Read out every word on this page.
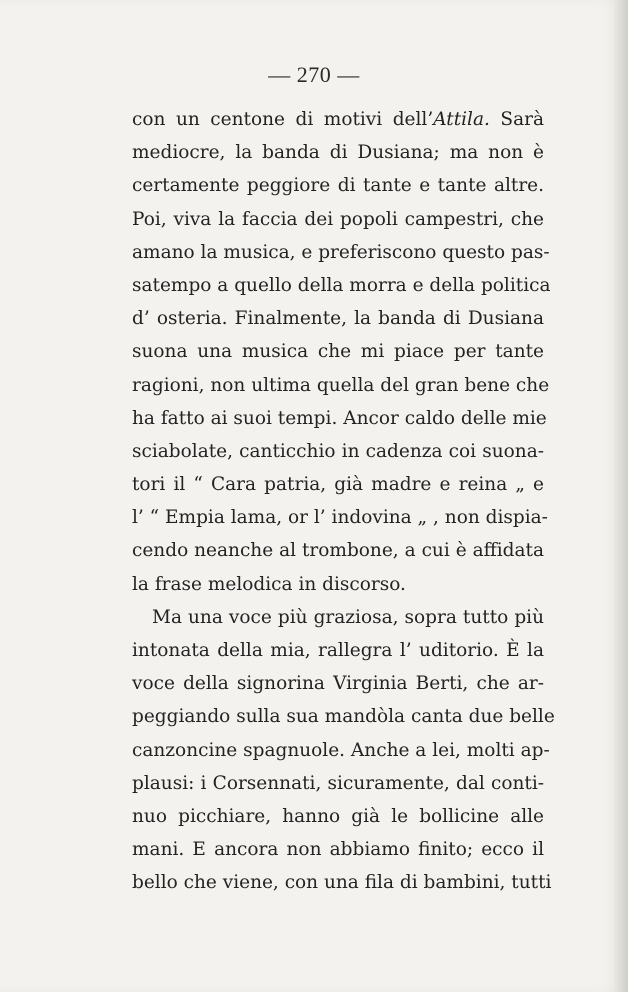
— 270 —
con un centone di motivi dell’Attila. Sarà
mediocre, la banda di Dusiana; ma non è
certamente peggiore di tante e tante altre.
Poi, viva la faccia dei popoli campestri, che
amano la musica, e preferiscono questo pas-
satempo a quello della morra e della politica
d’ osteria. Finalmente, la banda di Dusiana
suona una musica che mi piace per tante
ragioni, non ultima quella del gran bene che
ha fatto ai suoi tempi. Ancor caldo delle mie
sciabolate, canticchio in cadenza coi suona-
tori il “ Cara patria, già madre e reina „ e
l’ “ Empia lama, or l’ indovina „ , non dispia-
cendo neanche al trombone, a cui è affidata
la frase melodica in discorso.
Ma una voce più graziosa, sopra tutto più
intonata della mia, rallegra l’ uditorio. È la
voce della signorina Virginia Berti, che ar-
peggiando sulla sua mandòla canta due belle
canzoncine spagnuole. Anche a lei, molti ap-
plausi: i Corsennati, sicuramente, dal conti-
nuo picchiare, hanno già le bollicine alle
mani. E ancora non abbiamo finito; ecco il
bello che viene, con una fila di bambini, tutti
